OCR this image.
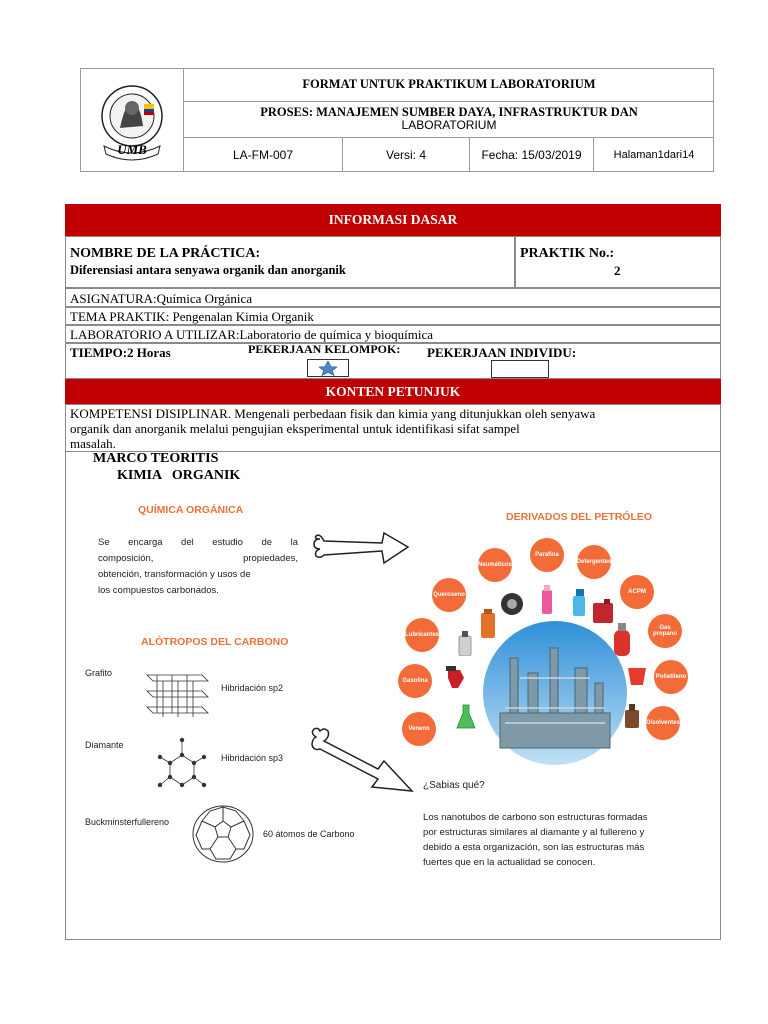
UMB
FORMAT UNTUK PRAKTIKUM LABORATORIUM
PROSES: MANAJEMEN SUMBER DAYA, INFRASTRUKTUR DAN
LABORATORIUM
LA-FM-007	Versi: 4	Fecha: 15/03/2019	Halaman1dari14
INFORMASI DASAR
NOMBRE DE LA PRÁCTICA:
Diferensiasi antara senyawa organik dan anorganik
PRAKTIK No.:
2
ASIGNATURA:Química Orgánica
TEMA PRAKTIK: Pengenalan Kimia Organik
LABORATORIO A UTILIZAR:Laboratorio de química y bioquímica
TIEMPO:2 Horas	PEKERJAAN KELOMPOK: PEKERJAAN INDIVIDU:
KONTEN PETUNJUK
KOMPETENSI DISIPLINAR. Mengenali perbedaan fisik dan kimia yang ditunjukkan oleh senyawa
organik dan anorganik melalui pengujian eksperimental untuk identifikasi sifat sampel
masalah.
MARCO TEORITIS
KIMIA   ORGANIK
QUÍMICA ORGÁNICA
Se encarga del estudio de la
composición, propiedades,
obtención, transformación y usos de
los compuestos carbonados.
ALÓTROPOS DEL CARBONO
Grafito
Hibridación sp2
Diamante
Hibridación sp3
Buckminsterfullereno
60 átomos de Carbono
DERIVADOS DEL PETRÓLEO
Queroseno
Neumáticos
Parafina
Detergentes
ACPM
Gas propano
Polietileno
Disolventes
Veneno
Gasolina
Lubricantes
¿Sabias qué?
Los nanotubos de carbono son estructuras formadas
por estructuras similares al diamante y al fullereno y
debido a esta organización, son las estructuras más
fuertes que en la actualidad se conocen.
